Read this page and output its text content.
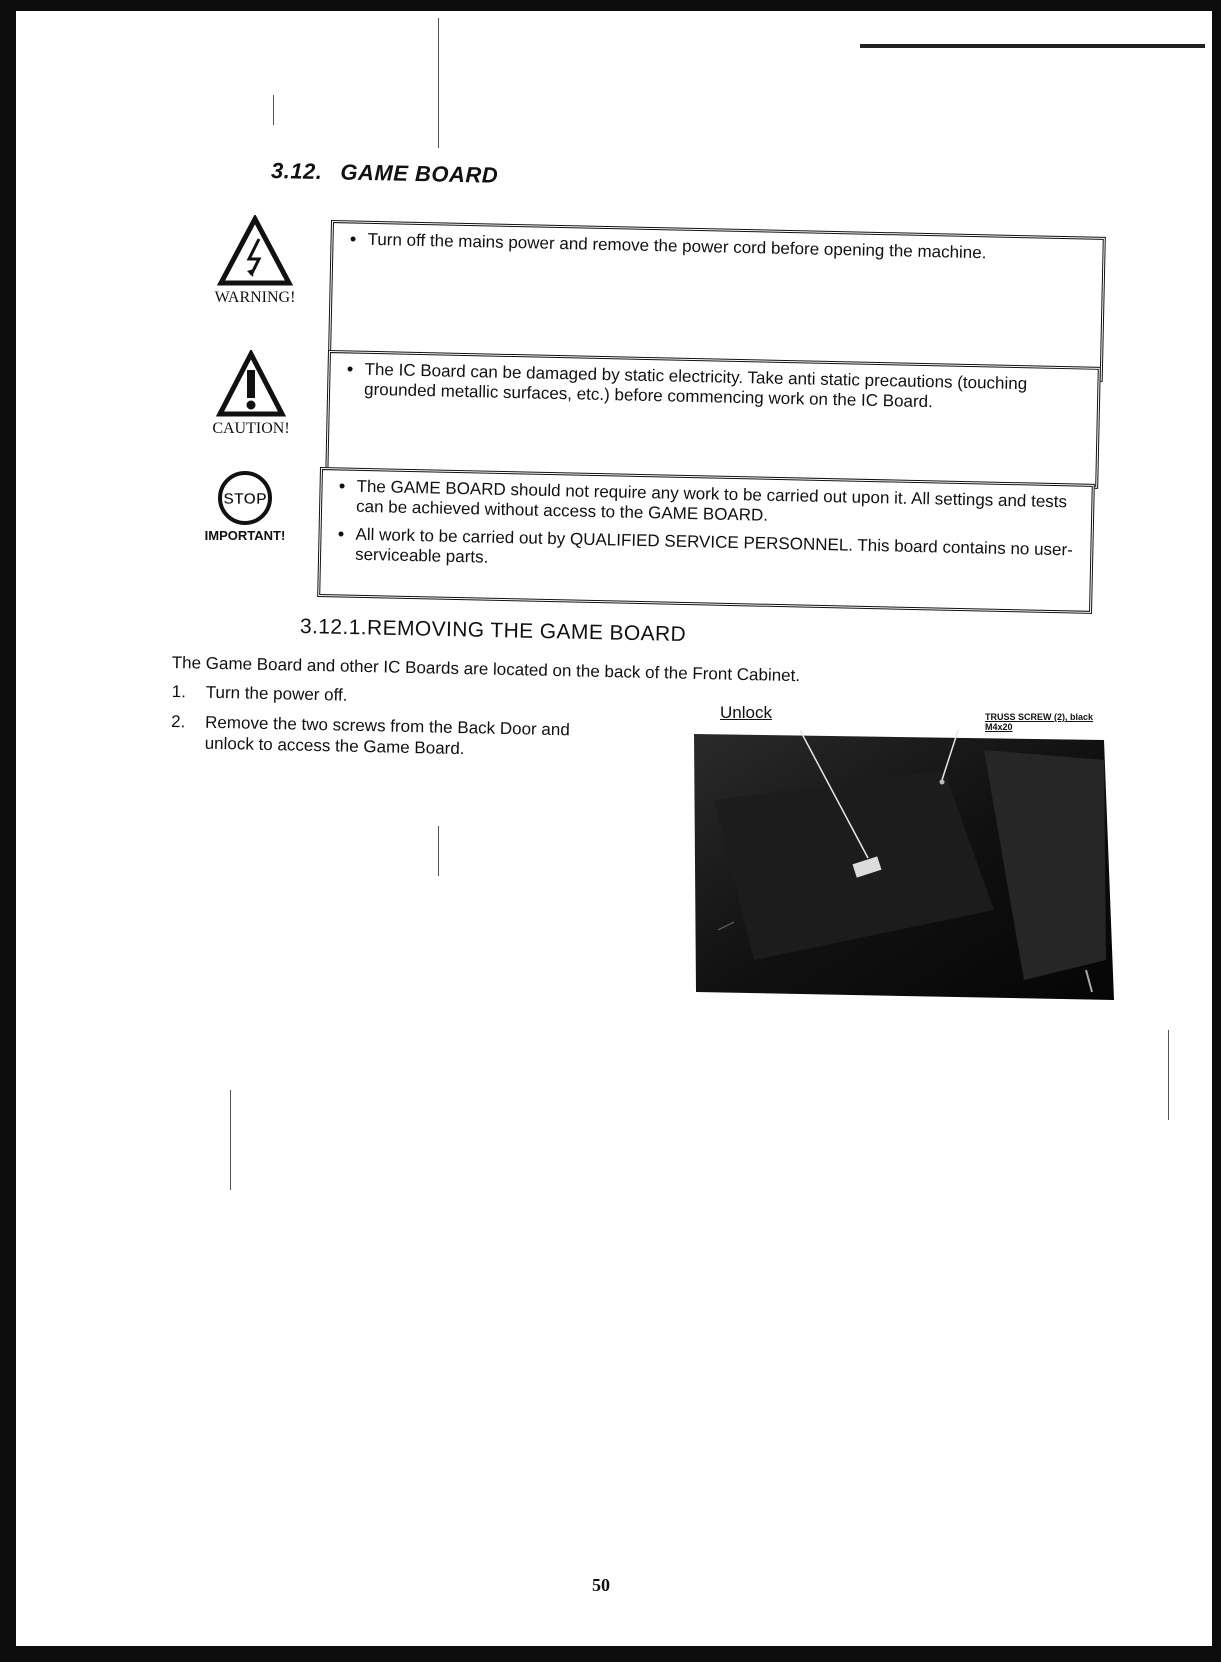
3.12. GAME BOARD
WARNING!
CAUTION!
STOP
IMPORTANT!
• Turn off the mains power and remove the power cord before opening the machine.
• The IC Board can be damaged by static electricity. Take anti static precautions (touching grounded metallic surfaces, etc.) before commencing work on the IC Board.
• The GAME BOARD should not require any work to be carried out upon it. All settings and tests can be achieved without access to the GAME BOARD.
• All work to be carried out by QUALIFIED SERVICE PERSONNEL. This board contains no user-serviceable parts.
3.12.1.REMOVING THE GAME BOARD
The Game Board and other IC Boards are located on the back of the Front Cabinet.
1. Turn the power off.
2. Remove the two screws from the Back Door and
unlock to access the Game Board.
Unlock	TRUSS SCREW (2), black
M4x20
50
